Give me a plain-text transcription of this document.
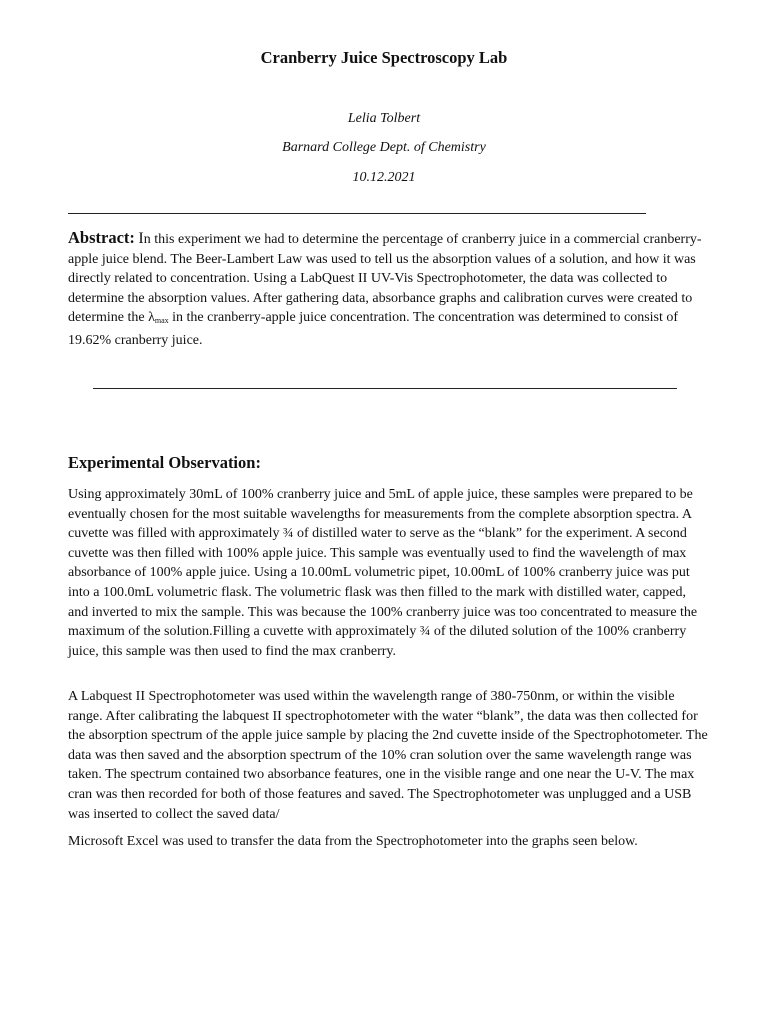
Cranberry Juice Spectroscopy Lab
Lelia Tolbert
Barnard College Dept. of Chemistry
10.12.2021

Abstract: In this experiment we had to determine the percentage of cranberry juice in a commercial cranberry-apple juice blend. The Beer-Lambert Law was used to tell us the absorption values of a solution, and how it was directly related to concentration. Using a LabQuest II UV-Vis Spectrophotometer, the data was collected to determine the absorption values. After gathering data, absorbance graphs and calibration curves were created to determine the $\lambda_{max}$ in the cranberry-apple juice concentration. The concentration was determined to consist of 19.62% cranberry juice.

Experimental Observation:

Using approximately 30mL of 100% cranberry juice and 5mL of apple juice, these samples were prepared to be eventually chosen for the most suitable wavelengths for measurements from the complete absorption spectra. A cuvette was filled with approximately ¾ of distilled water to serve as the “blank” for the experiment. A second cuvette was then filled with 100% apple juice. This sample was eventually used to find the wavelength of max absorbance of 100% apple juice. Using a 10.00mL volumetric pipet, 10.00mL of 100% cranberry juice was put into a 100.0mL volumetric flask. The volumetric flask was then filled to the mark with distilled water, capped, and inverted to mix the sample. This was because the 100% cranberry juice was too concentrated to measure the maximum of the solution.Filling a cuvette with approximately ¾ of the diluted solution of the 100% cranberry juice, this sample was then used to find the max cranberry.

A Labquest II Spectrophotometer was used within the wavelength range of 380-750nm, or within the visible range. After calibrating the labquest II spectrophotometer with the water “blank”, the data was then collected for the absorption spectrum of the apple juice sample by placing the 2nd cuvette inside of the Spectrophotometer. The data was then saved and the absorption spectrum of the 10% cran solution over the same wavelength range was taken. The spectrum contained two absorbance features, one in the visible range and one near the U-V. The max cran was then recorded for both of those features and saved. The Spectrophotometer was unplugged and a USB was inserted to collect the saved data/

Microsoft Excel was used to transfer the data from the Spectrophotometer into the graphs seen below.
